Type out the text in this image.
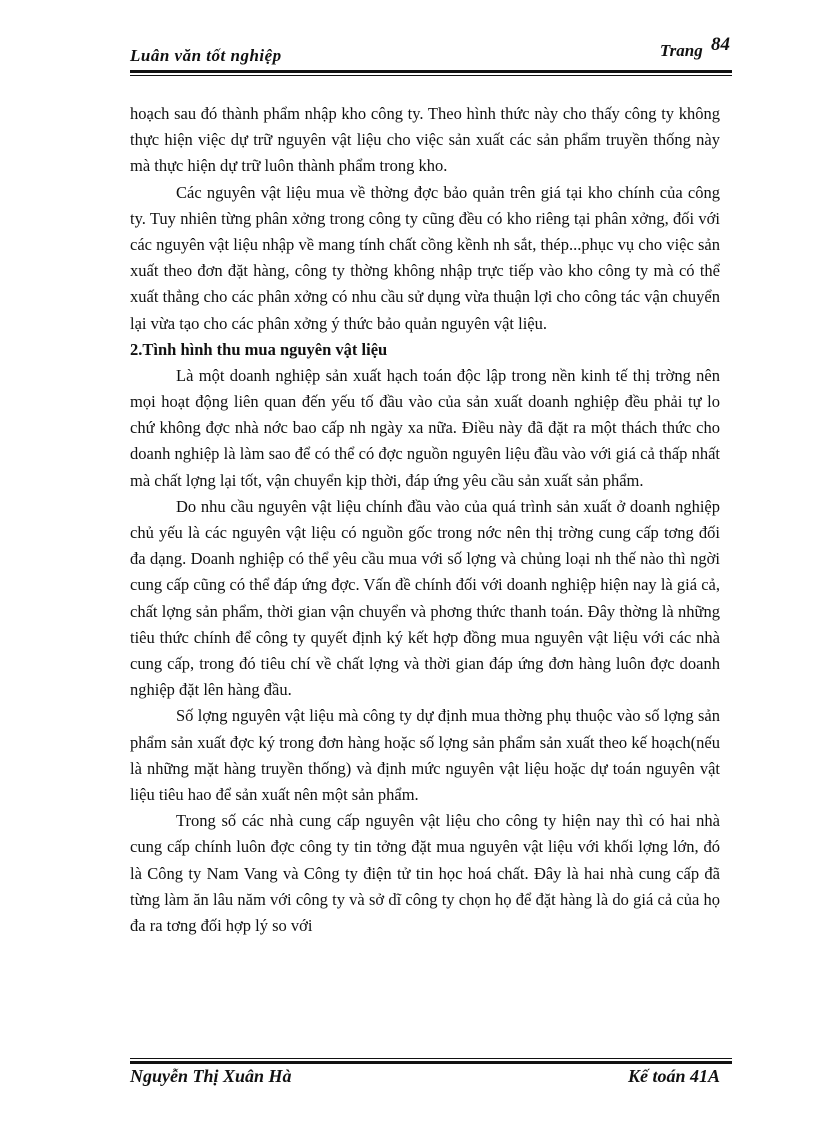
Luân văn tốt nghiệp	Trang 84

hoạch sau đó thành phẩm nhập kho công ty. Theo hình thức này cho thấy công ty không thực hiện việc dự trữ nguyên vật liệu cho việc sản xuất các sản phẩm truyền thống này mà thực hiện dự trữ luôn thành phẩm trong kho.

Các nguyên vật liệu mua về thờng đợc bảo quản trên giá tại kho chính của công ty. Tuy nhiên từng phân xởng trong công ty cũng đều có kho riêng tại phân xởng, đối với các nguyên vật liệu nhập về mang tính chất cồng kềnh nh sắt, thép...phục vụ cho việc sản xuất theo đơn đặt hàng, công ty thờng không nhập trực tiếp vào kho công ty mà có thể xuất thẳng cho các phân xởng có nhu cầu sử dụng vừa thuận lợi cho công tác vận chuyển lại vừa tạo cho các phân xởng ý thức bảo quản nguyên vật liệu.

2.Tình hình thu mua nguyên vật liệu

Là một doanh nghiệp sản xuất hạch toán độc lập trong nền kinh tế thị trờng nên mọi hoạt động liên quan đến yếu tố đầu vào của sản xuất doanh nghiệp đều phải tự lo chứ không đợc nhà nớc bao cấp nh ngày xa nữa. Điều này đã đặt ra một thách thức cho doanh nghiệp là làm sao để có thể có đợc nguồn nguyên liệu đầu vào với giá cả thấp nhất mà chất lợng lại tốt, vận chuyển kịp thời, đáp ứng yêu cầu sản xuất sản phẩm.

Do nhu cầu nguyên vật liệu chính đầu vào của quá trình sản xuất ở doanh nghiệp chủ yếu là các nguyên vật liệu có nguồn gốc trong nớc nên thị trờng cung cấp tơng đối đa dạng. Doanh nghiệp có thể yêu cầu mua với số lợng và chủng loại nh thế nào thì ngời cung cấp cũng có thể đáp ứng đợc. Vấn đề chính đối với doanh nghiệp hiện nay là giá cả, chất lợng sản phẩm, thời gian vận chuyển và phơng thức thanh toán. Đây thờng là những tiêu thức chính để công ty quyết định ký kết hợp đồng mua nguyên vật liệu với các nhà cung cấp, trong đó tiêu chí về chất lợng và thời gian đáp ứng đơn hàng luôn đợc doanh nghiệp đặt lên hàng đầu.

Số lợng nguyên vật liệu mà công ty dự định mua thờng phụ thuộc vào số lợng sản phẩm sản xuất đợc ký trong đơn hàng hoặc số lợng sản phẩm sản xuất theo kế hoạch(nếu là những mặt hàng truyền thống) và định mức nguyên vật liệu hoặc dự toán nguyên vật liệu tiêu hao để sản xuất nên một sản phẩm.

Trong số các nhà cung cấp nguyên vật liệu cho công ty hiện nay thì có hai nhà cung cấp chính luôn đợc công ty tin tởng đặt mua nguyên vật liệu với khối lợng lớn, đó là Công ty Nam Vang và Công ty điện tử tin học hoá chất. Đây là hai nhà cung cấp đã từng làm ăn lâu năm với công ty và sở dĩ công ty chọn họ để đặt hàng là do giá cả của họ đa ra tơng đối hợp lý so với

Nguyễn Thị Xuân Hà	Kế toán 41A
